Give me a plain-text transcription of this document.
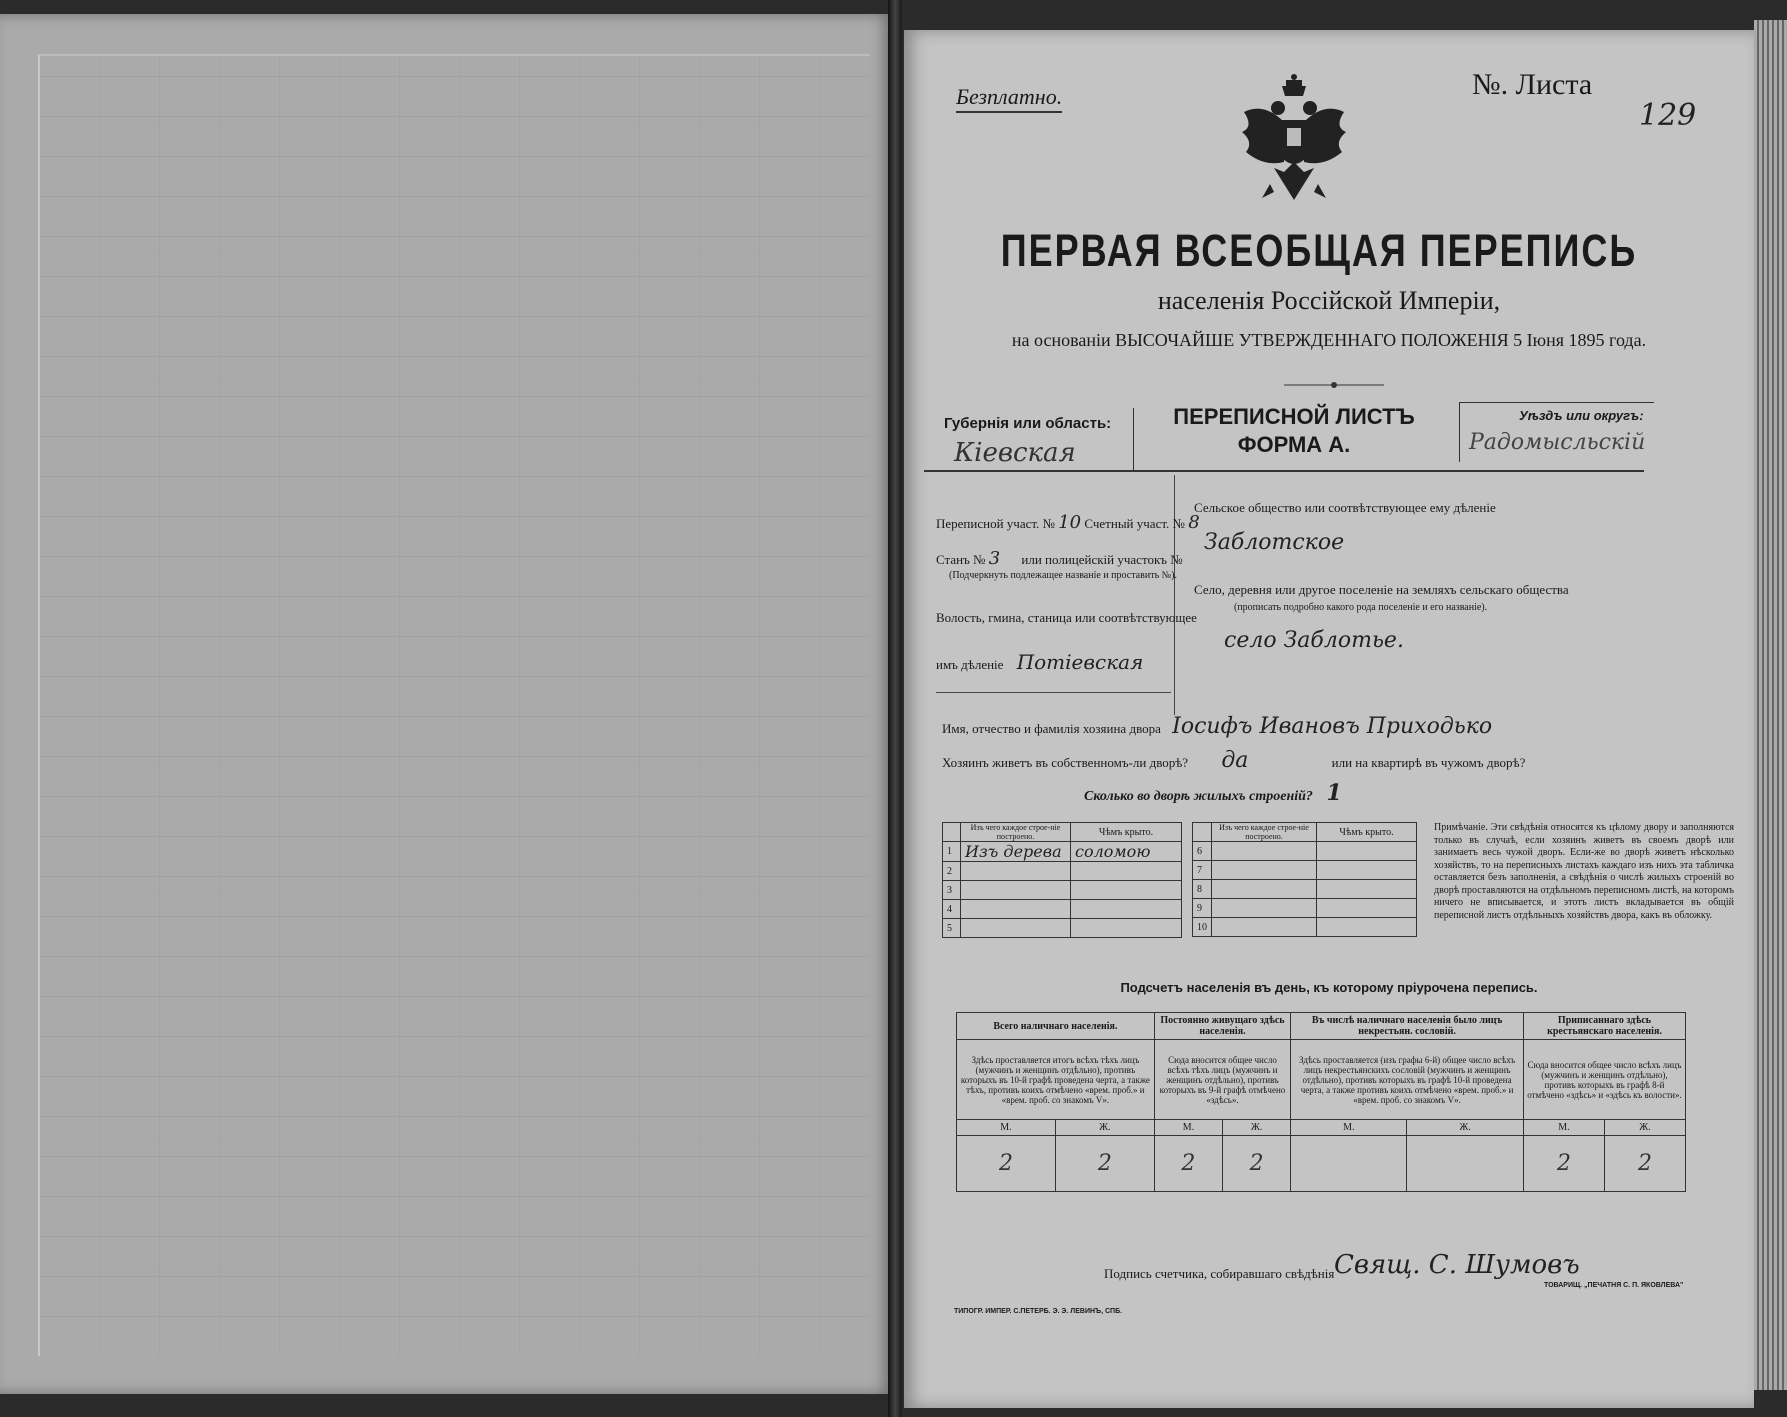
Безплатно.	№. Листа
129
ПЕРВАЯ ВСЕОБЩАЯ ПЕРЕПИСЬ
населенія Россійской Имперіи,
на основаніи ВЫСОЧАЙШЕ УТВЕРЖДЕННАГО ПОЛОЖЕНІЯ 5 Іюня 1895 года.
Губернія или область:
Кіевская
ПЕРЕПИСНОЙ ЛИСТЪ
ФОРМА А.
Уѣздъ или округъ:
Радомысльскій
Переписной участ. № 10 Счетный участ. № 8
Станъ № 3 или полицейскій участокъ №
(Подчеркнуть подлежащее названіе и проставить №).
Волость, гмина, станица или соотвѣтствующее
имъ дѣленіе Потіевская
Сельское общество или соотвѣтствующее ему дѣленіе
Заблотское
Село, деревня или другое поселеніе на земляхъ сельскаго общества
(прописать подробно какого рода поселеніе и его названіе).
село Заблотье.
Имя, отчество и фамилія хозяина двора Іосифъ Ивановъ Приходько
Хозяинъ живетъ въ собственномъ-ли дворѣ? да	или на квартирѣ въ чужомъ дворѣ?
Сколько во дворѣ жилыхъ строеній? 1
	Изъ чего каждое строе-ніе построено.	Чѣмъ крыто.
1	Изъ дерева	соломою
2		
3		
4		
5		
	Изъ чего каждое строе-ніе построено.	Чѣмъ крыто.
6		
7		
8		
9		
10		
Примѣчаніе. Эти свѣдѣнія относятся къ цѣлому двору и заполняются только въ случаѣ, если хозяинъ живетъ въ своемъ дворѣ или занимаетъ весь чужой дворъ. Если-же во дворѣ живетъ нѣсколько хозяйствъ, то на переписныхъ листахъ каждаго изъ нихъ эта табличка оставляется безъ заполненія, а свѣдѣнія о числѣ жилыхъ строеній во дворѣ проставляются на отдѣльномъ переписномъ листѣ, на которомъ ничего не вписывается, и этотъ листъ вкладывается въ общій переписной листъ отдѣльныхъ хозяйствъ двора, какъ въ обложку.
Подсчетъ населенія въ день, къ которому пріурочена перепись.
Всего наличнаго населенія.		Постоянно живущаго здѣсь населенія.		Въ числѣ наличнаго населенія было лицъ некрестьян. сословій.		Приписаннаго здѣсь крестьянскаго населенія.	
Здѣсь проставляется итогъ всѣхъ тѣхъ лицъ (мужчинъ и женщинъ отдѣльно), противъ которыхъ въ 10-й графѣ проведена черта, а также тѣхъ, противъ коихъ отмѣчено «врем. проб.» и «врем. проб. со знакомъ V».		Сюда вносится общее число всѣхъ тѣхъ лицъ (мужчинъ и женщинъ отдѣльно), противъ которыхъ въ 9-й графѣ отмѣчено «здѣсь».		Здѣсь проставляется (изъ графы 6-й) общее число всѣхъ лицъ некрестьянскихъ сословій (мужчинъ и женщинъ отдѣльно), противъ которыхъ въ графѣ 10-й проведена черта, а также противъ коихъ отмѣчено «врем. проб.» и «врем. проб. со знакомъ V».		Сюда вносится общее число всѣхъ лицъ (мужчинъ и женщинъ отдѣльно), противъ которыхъ въ графѣ 8-й отмѣчено «здѣсь» и «здѣсь къ волости».	
М.	Ж.	М.	Ж.	М.	Ж.	М.	Ж.
2	2	2	2			2	2
Подпись счетчика, собиравшаго свѣдѣнія Свящ. С. Шумовъ
ТИПОГР. ИМПЕР. С.ПЕТЕРБ. Э. Э. ЛЕВИНЪ, СПБ.
ТОВАРИЩ. „ПЕЧАТНЯ С. П. ЯКОВЛЕВА"
